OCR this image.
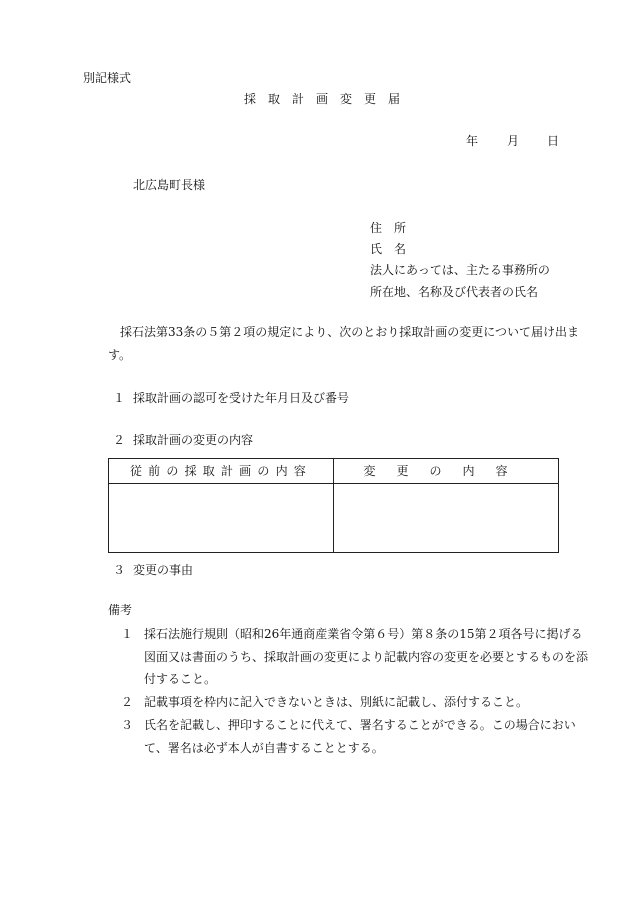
別記様式
採　取　計　画　変　更　届
年 月 日
北広島町長様
住　所
氏　名
法人にあっては、主たる事務所の
所在地、名称及び代表者の氏名
採石法第33条の５第２項の規定により、次のとおり採取計画の変更について届け出ま
す。
１ 採取計画の認可を受けた年月日及び番号
２ 採取計画の変更の内容
従前の採取計画の内容	変更の内容

３ 変更の事由
備考
１ 採石法施行規則（昭和26年通商産業省令第６号）第８条の15第２項各号に掲げる
図面又は書面のうち、採取計画の変更により記載内容の変更を必要とするものを添
付すること。
２ 記載事項を枠内に記入できないときは、別紙に記載し、添付すること。
３ 氏名を記載し、押印することに代えて、署名することができる。この場合におい
て、署名は必ず本人が自書することとする。
